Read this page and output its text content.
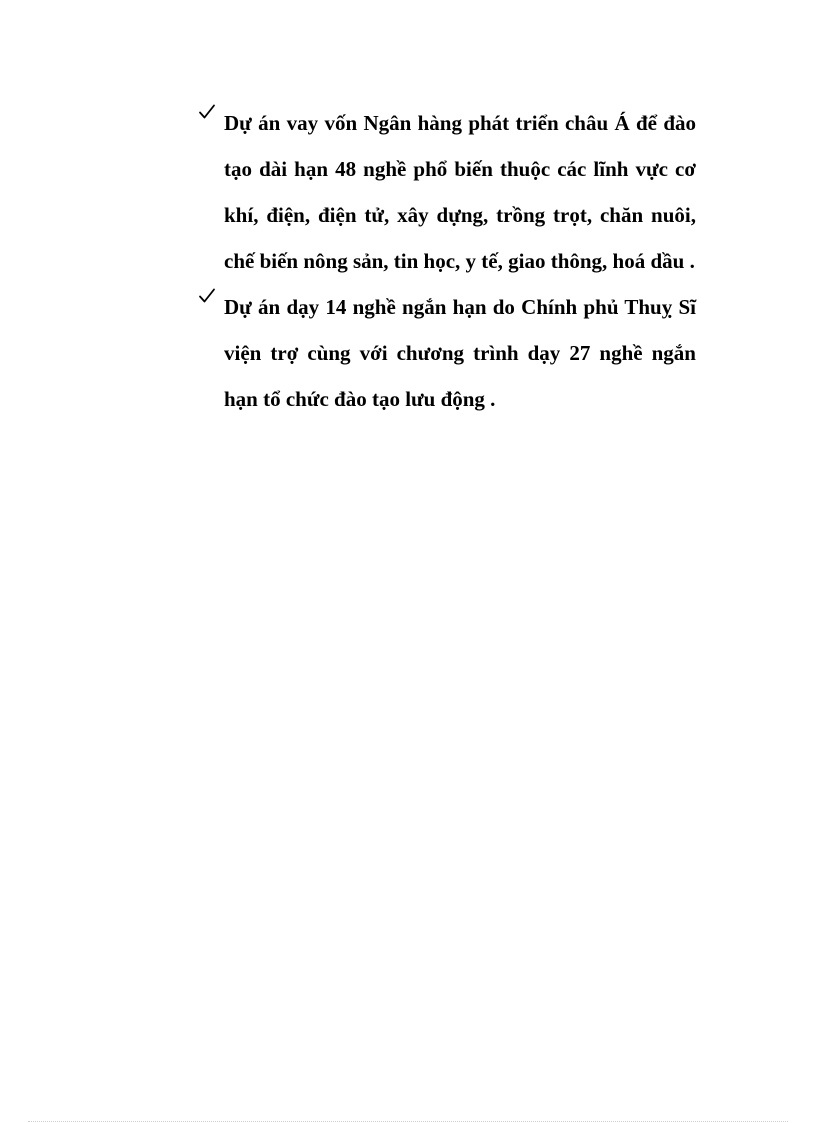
Dự án vay vốn Ngân hàng phát triển châu Á để đào tạo dài hạn 48 nghề phổ biến thuộc các lĩnh vực cơ khí, điện, điện tử, xây dựng, trồng trọt, chăn nuôi, chế biến nông sản, tin học, y tế, giao thông, hoá dầu .
Dự án dạy 14 nghề ngắn hạn do Chính phủ Thuỵ Sĩ viện trợ cùng với chương trình dạy 27 nghề ngắn hạn tổ chức đào tạo lưu động .
